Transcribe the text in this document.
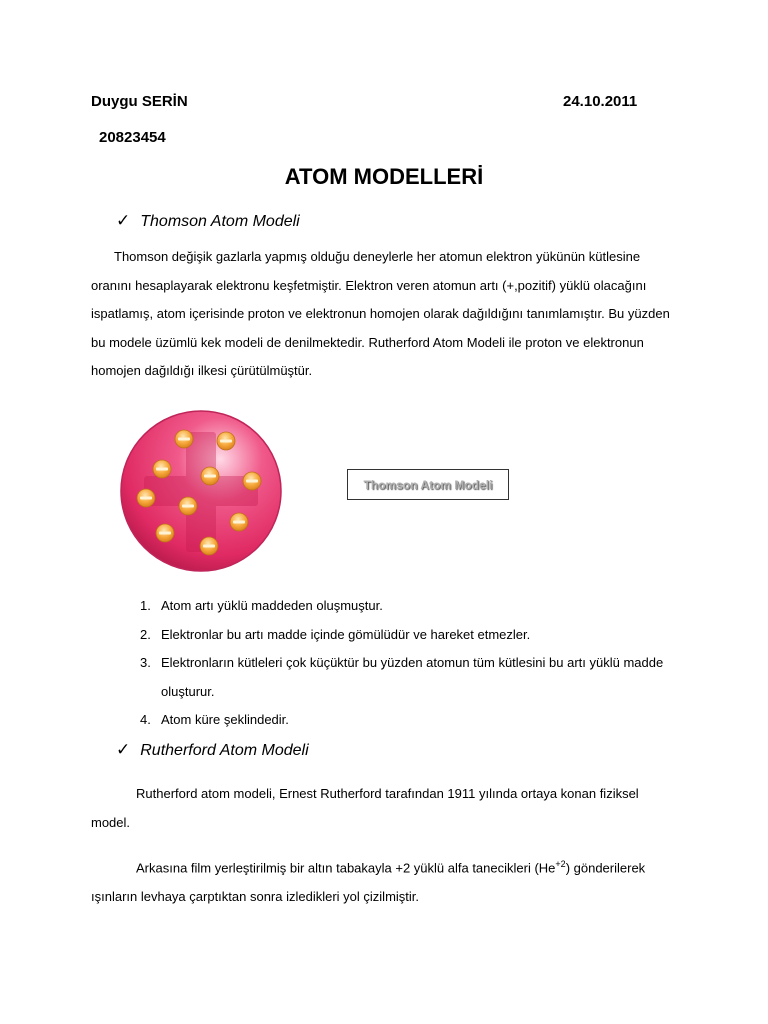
Duygu SERİN	24.10.2011
20823454
ATOM MODELLERİ
✓ Thomson Atom Modeli

Thomson değişik gazlarla yapmış olduğu deneylerle her atomun elektron yükünün kütlesine oranını hesaplayarak elektronu keşfetmiştir. Elektron veren atomun artı (+,pozitif) yüklü olacağını ispatlamış, atom içerisinde proton ve elektronun homojen olarak dağıldığını tanımlamıştır. Bu yüzden bu modele üzümlü kek modeli de denilmektedir. Rutherford Atom Modeli ile proton ve elektronun homojen dağıldığı ilkesi çürütülmüştür.

Thomson Atom Modeli
1. Atom artı yüklü maddeden oluşmuştur.
2. Elektronlar bu artı madde içinde gömülüdür ve hareket etmezler.
3. Elektronların kütleleri çok küçüktür bu yüzden atomun tüm kütlesini bu artı yüklü madde oluşturur.
4. Atom küre şeklindedir.
✓ Rutherford Atom Modeli

Rutherford atom modeli, Ernest Rutherford tarafından 1911 yılında ortaya konan fiziksel model.

Arkasına film yerleştirilmiş bir altın tabakayla +2 yüklü alfa tanecikleri $(He^{+2})$ gönderilerek ışınların levhaya çarptıktan sonra izledikleri yol çizilmiştir.
